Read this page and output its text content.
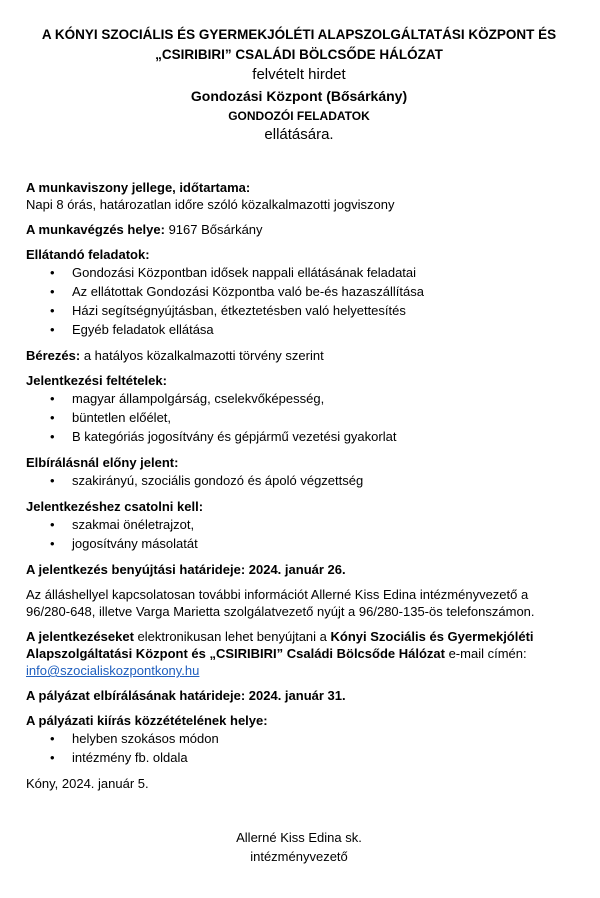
A KÓNYI SZOCIÁLIS ÉS GYERMEKJÓLÉTI ALAPSZOLGÁLTATÁSI KÖZPONT ÉS
„CSIRIBIRI” CSALÁDI BÖLCSŐDE HÁLÓZAT
felvételt hirdet
Gondozási Központ (Bősárkány)
GONDOZÓI FELADATOK
ellátására.
A munkaviszony jellege, időtartama:
Napi 8 órás, határozatlan időre szóló közalkalmazotti jogviszony
A munkavégzés helye: 9167 Bősárkány
Ellátandó feladatok:
• Gondozási Központban idősek nappali ellátásának feladatai
• Az ellátottak Gondozási Központba való be-és hazaszállítása
• Házi segítségnyújtásban, étkeztetésben való helyettesítés
• Egyéb feladatok ellátása
Bérezés: a hatályos közalkalmazotti törvény szerint
Jelentkezési feltételek:
• magyar állampolgárság, cselekvőképesség,
• büntetlen előélet,
• B kategóriás jogosítvány és gépjármű vezetési gyakorlat
Elbírálásnál előny jelent:
• szakirányú, szociális gondozó és ápoló végzettség
Jelentkezéshez csatolni kell:
• szakmai önéletrajzot,
• jogosítvány másolatát
A jelentkezés benyújtási határideje: 2024. január 26.
Az álláshellyel kapcsolatosan további információt Allerné Kiss Edina intézményvezető a
96/280-648, illetve Varga Marietta szolgálatvezető nyújt a 96/280-135-ös telefonszámon.
A jelentkezéseket elektronikusan lehet benyújtani a Kónyi Szociális és Gyermekjóléti
Alapszolgáltatási Központ és „CSIRIBIRI” Családi Bölcsőde Hálózat e-mail címén:
info@szocialiskozpontkony.hu
A pályázat elbírálásának határideje: 2024. január 31.
A pályázati kiírás közzétételének helye:
• helyben szokásos módon
• intézmény fb. oldala
Kóny, 2024. január 5.
Allerné Kiss Edina sk.
intézményvezető
